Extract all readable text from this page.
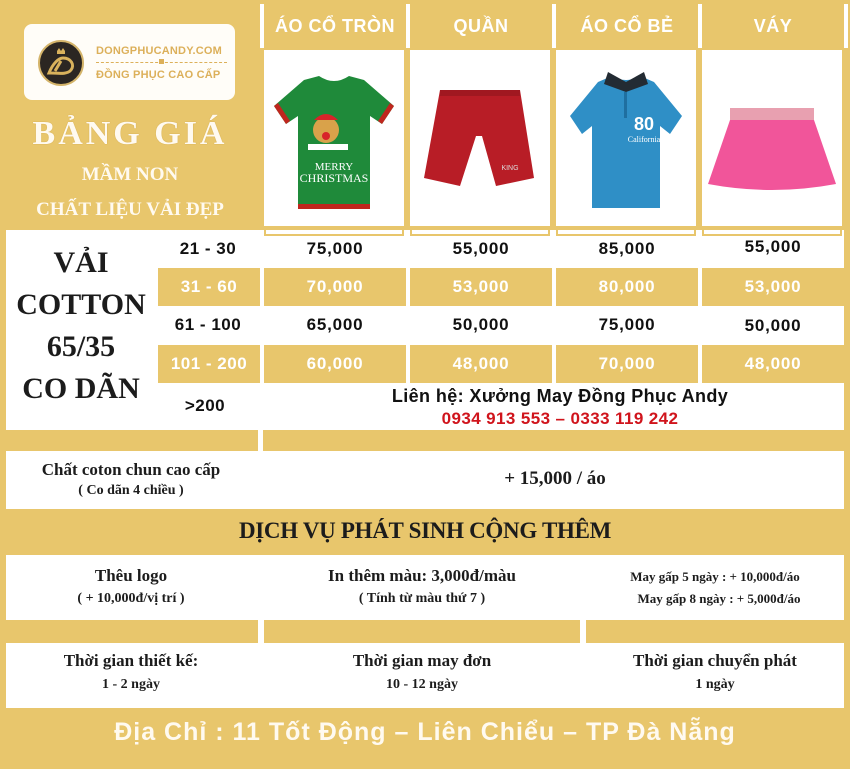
DONGPHUCANDY.COM
ĐỒNG PHỤC CAO CẤP
BẢNG GIÁ
MẦM NON
CHẤT LIỆU VẢI ĐẸP
ÁO CỔ TRÒN	QUẦN	ÁO CỔ BẺ	VÁY
MERRY
CHRISTMAS
KING
80
California
VẢI
COTTON
65/35
CO DÃN
21 - 30	75,000	55,000	85,000	55,000
31 - 60	70,000	53,000	80,000	53,000
61 - 100	65,000	50,000	75,000	50,000
101 - 200	60,000	48,000	70,000	48,000
>200	Liên hệ: Xưởng May Đồng Phục Andy
0934 913 553 – 0333 119 242
Chất coton chun cao cấp
( Co dãn 4 chiều )
+ 15,000 / áo
DỊCH VỤ PHÁT SINH CỘNG THÊM
Thêu logo
( + 10,000đ/vị trí )
In thêm màu: 3,000đ/màu
( Tính từ màu thứ 7 )
May gấp 5 ngày : + 10,000đ/áo
May gấp 8 ngày : + 5,000đ/áo
Thời gian thiết kế:
1 - 2 ngày
Thời gian may đơn
10 - 12 ngày
Thời gian chuyển phát
1 ngày
Địa Chỉ : 11 Tốt Động – Liên Chiểu – TP Đà Nẵng
